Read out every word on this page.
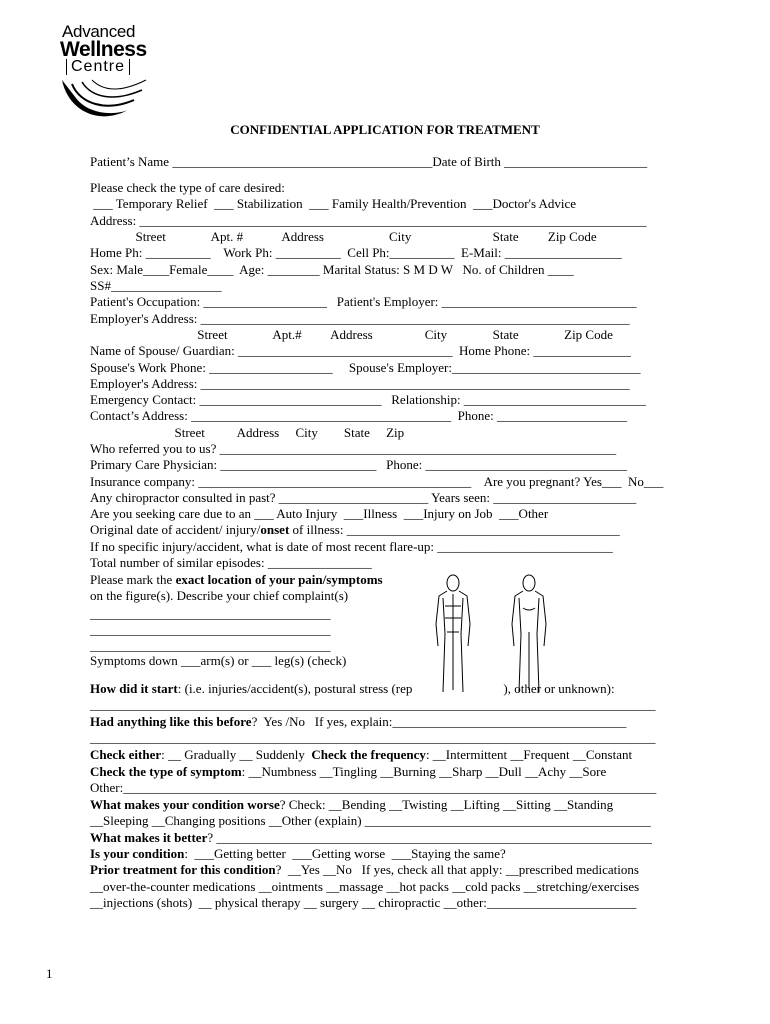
Advanced
Wellness
Centre
CONFIDENTIAL APPLICATION FOR TREATMENT
Patient’s Name ________________________________________Date of Birth ______________________
Please check the type of care desired:
___ Temporary Relief  ___ Stabilization  ___ Family Health/Prevention  ___Doctor's Advice
Address: ______________________________________________________________________________
Street              Apt. #            Address                    City                         State         Zip Code
Home Ph: __________    Work Ph: __________  Cell Ph:__________  E-Mail: __________________
Sex: Male____Female____  Age: ________ Marital Status: S M D W   No. of Children ____
SS#_________________
Patient's Occupation: ___________________   Patient's Employer: ______________________________
Employer's Address: __________________________________________________________________
Street              Apt.#         Address                City              State              Zip Code
Name of Spouse/ Guardian: _________________________________  Home Phone: _______________
Spouse's Work Phone: ___________________     Spouse's Employer:_____________________________
Employer's Address: __________________________________________________________________
Emergency Contact: ____________________________   Relationship: ____________________________
Contact’s Address: ________________________________________  Phone: ____________________
Street          Address     City        State     Zip
Who referred you to us? _____________________________________________________________
Primary Care Physician: ________________________   Phone: _______________________________
Insurance company: __________________________________________    Are you pregnant? Yes___  No___
Any chiropractor consulted in past? _______________________ Years seen: ______________________
Are you seeking care due to an ___ Auto Injury  ___Illness  ___Injury on Job  ___Other
Original date of accident/ injury/onset of illness: __________________________________________
If no specific injury/accident, what is date of most recent flare-up: ___________________________
Total number of similar episodes: ________________
Please mark the exact location of your pain/symptoms
on the figure(s). Describe your chief complaint(s)
_____________________________________
_____________________________________
_____________________________________
Symptoms down ___arm(s) or ___ leg(s) (check)
How did it start: (i.e. injuries/accident(s), postural stress (rep                            ), other or unknown):
_______________________________________________________________________________________
Had anything like this before?  Yes /No   If yes, explain:____________________________________
_______________________________________________________________________________________
Check either: __ Gradually __ Suddenly  Check the frequency: __Intermittent __Frequent __Constant
Check the type of symptom: __Numbness __Tingling __Burning __Sharp __Dull __Achy __Sore
Other:__________________________________________________________________________________
What makes your condition worse? Check: __Bending __Twisting __Lifting __Sitting __Standing
__Sleeping __Changing positions __Other (explain) ____________________________________________
What makes it better? ___________________________________________________________________
Is your condition:  ___Getting better  ___Getting worse  ___Staying the same?
Prior treatment for this condition?  __Yes __No   If yes, check all that apply: __prescribed medications
__over-the-counter medications __ointments __massage __hot packs __cold packs __stretching/exercises
__injections (shots)  __ physical therapy __ surgery __ chiropractic __other:_______________________
1
